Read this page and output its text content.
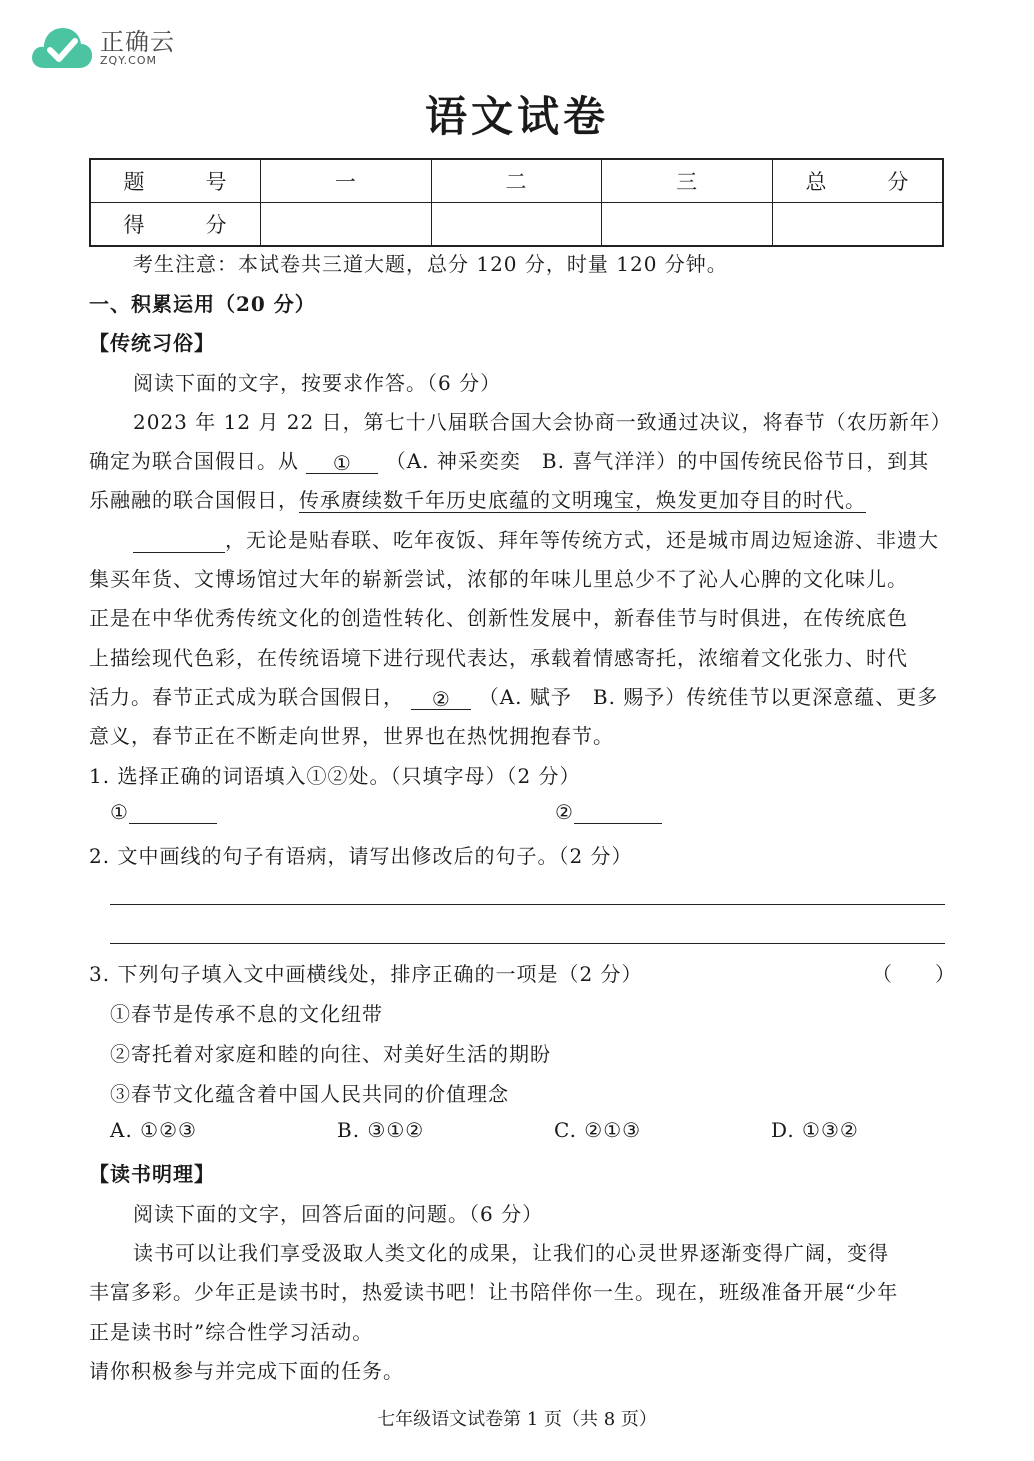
正确云
ZQY.COM
语文试卷
题　号	一	二	三	总　分
得　分				
考生注意：本试卷共三道大题，总分 120 分，时量 120 分钟。
一、积累运用（20 分）
【传统习俗】
阅读下面的文字，按要求作答。（6 分）
2023 年 12 月 22 日，第七十八届联合国大会协商一致通过决议，将春节（农历新年）
确定为联合国假日。从 ① （A. 神采奕奕　B. 喜气洋洋）的中国传统民俗节日，到其
乐融融的联合国假日，传承赓续数千年历史底蕴的文明瑰宝，焕发更加夺目的时代。
，无论是贴春联、吃年夜饭、拜年等传统方式，还是城市周边短途游、非遗大
集买年货、文博场馆过大年的崭新尝试，浓郁的年味儿里总少不了沁人心脾的文化味儿。
正是在中华优秀传统文化的创造性转化、创新性发展中，新春佳节与时俱进，在传统底色
上描绘现代色彩，在传统语境下进行现代表达，承载着情感寄托，浓缩着文化张力、时代
活力。春节正式成为联合国假日， ② （A. 赋予　B. 赐予）传统佳节以更深意蕴、更多
意义，春节正在不断走向世界，世界也在热忱拥抱春节。
1. 选择正确的词语填入①②处。（只填字母）（2 分）
①	②
2. 文中画线的句子有语病，请写出修改后的句子。（2 分）
3. 下列句子填入文中画横线处，排序正确的一项是（2 分）	（　　）
①春节是传承不息的文化纽带
②寄托着对家庭和睦的向往、对美好生活的期盼
③春节文化蕴含着中国人民共同的价值理念
A. ①②③	B. ③①②	C. ②①③	D. ①③②
【读书明理】
阅读下面的文字，回答后面的问题。（6 分）
读书可以让我们享受汲取人类文化的成果，让我们的心灵世界逐渐变得广阔，变得
丰富多彩。少年正是读书时，热爱读书吧！让书陪伴你一生。现在，班级准备开展“少年
正是读书时”综合性学习活动。
请你积极参与并完成下面的任务。
七年级语文试卷第 1 页（共 8 页）
